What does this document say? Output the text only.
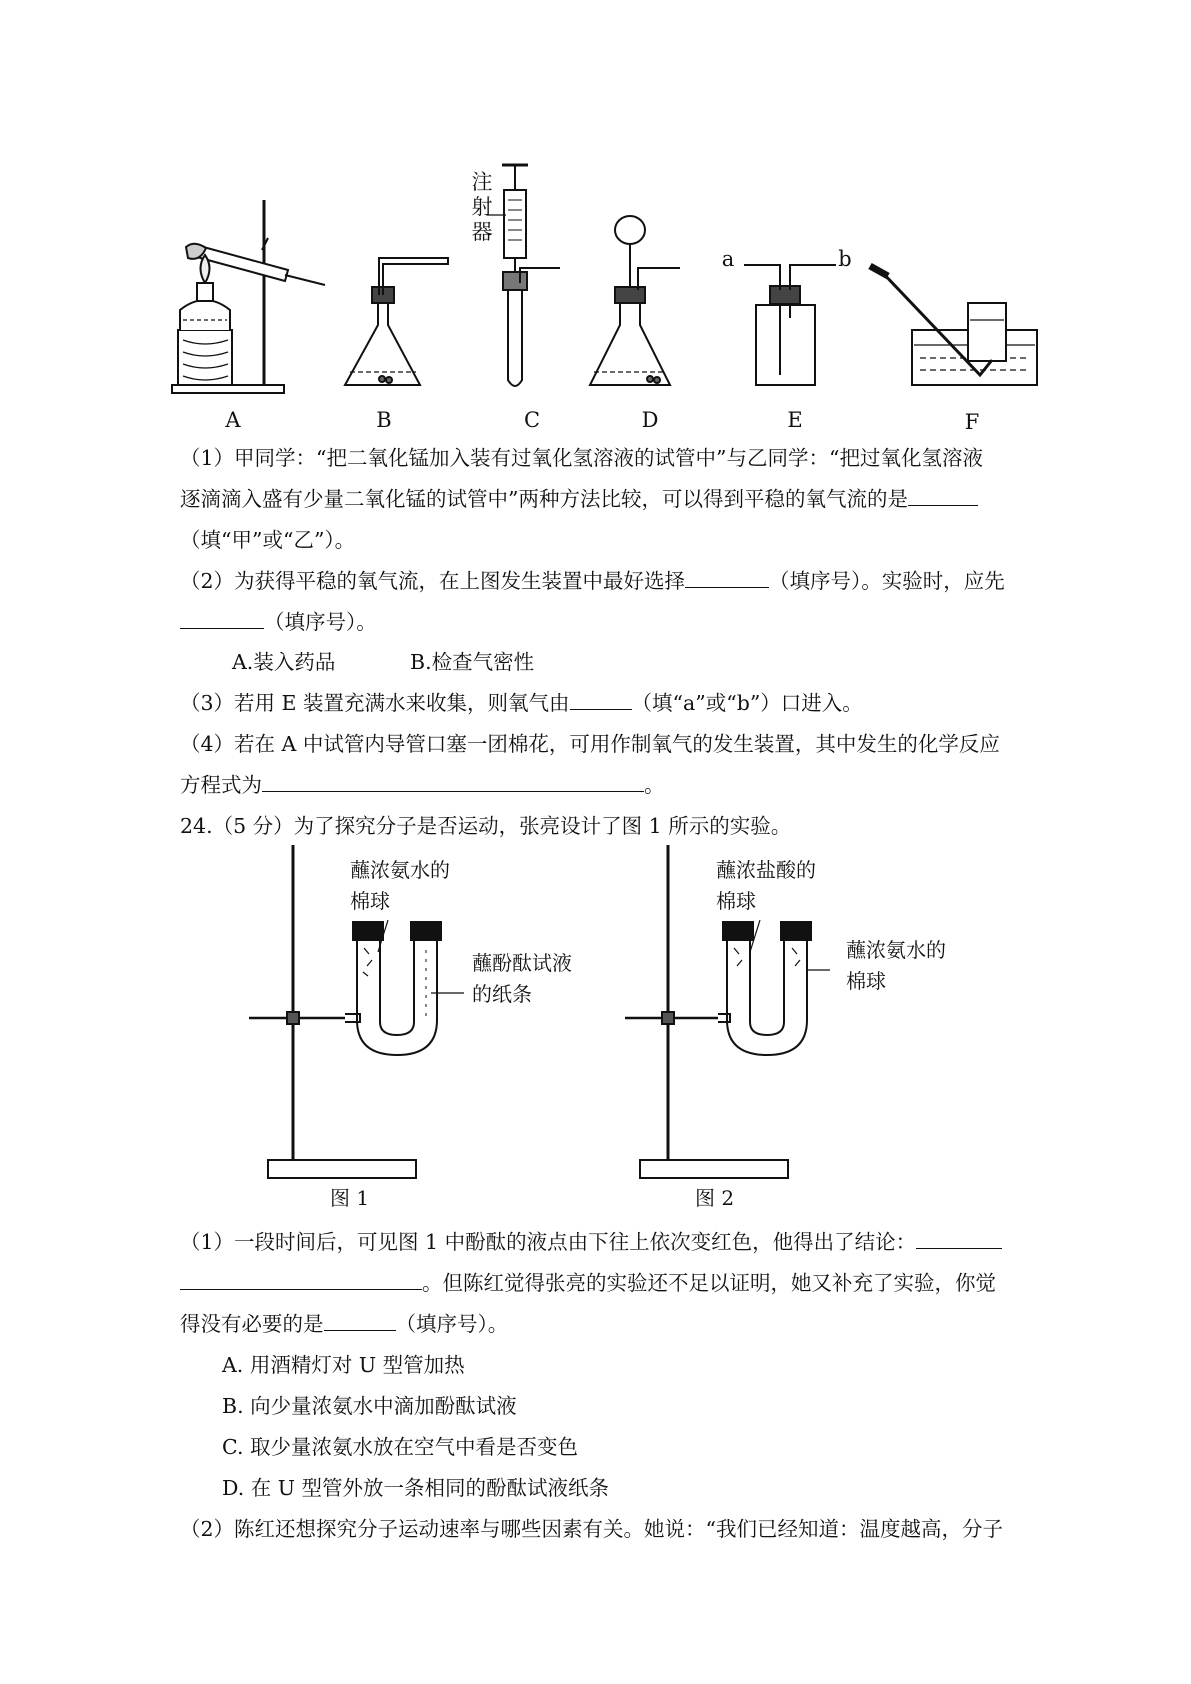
A	B	C	D	E	F
注
射
器
a	b
（1）甲同学：“把二氧化锰加入装有过氧化氢溶液的试管中”与乙同学：“把过氧化氢溶液
逐滴滴入盛有少量二氧化锰的试管中”两种方法比较，可以得到平稳的氧气流的是
（填“甲”或“乙”）。
（2）为获得平稳的氧气流，在上图发生装置中最好选择	（填序号）。实验时，应先
（填序号）。
A.装入药品	B.检查气密性
（3）若用 E 装置充满水来收集，则氧气由	（填“a”或“b”）口进入。
（4）若在 A 中试管内导管口塞一团棉花，可用作制氧气的发生装置，其中发生的化学反应
方程式为	。
24.（5 分）为了探究分子是否运动，张亮设计了图 1 所示的实验。
蘸浓氨水的
棉球
蘸酚酞试液
的纸条
蘸浓盐酸的
棉球
蘸浓氨水的
棉球
图 1	图 2
（1）一段时间后，可见图 1 中酚酞的液点由下往上依次变红色，他得出了结论：
。但陈红觉得张亮的实验还不足以证明，她又补充了实验，你觉
得没有必要的是	（填序号）。
A. 用酒精灯对 U 型管加热
B. 向少量浓氨水中滴加酚酞试液
C. 取少量浓氨水放在空气中看是否变色
D. 在 U 型管外放一条相同的酚酞试液纸条
（2）陈红还想探究分子运动速率与哪些因素有关。她说：“我们已经知道：温度越高，分子
